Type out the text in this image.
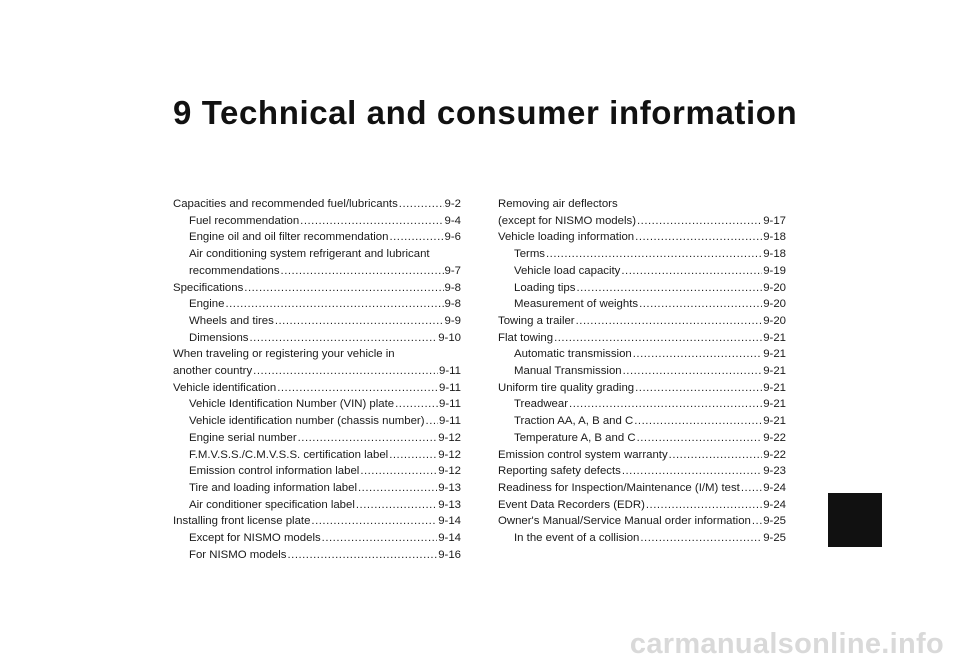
9 Technical and consumer information
Capacities and recommended fuel/lubricants .....	9-2
Fuel recommendation .....	9-4
Engine oil and oil filter recommendation .....	9-6
Air conditioning system refrigerant and lubricant
recommendations .....	9-7
Specifications .....	9-8
Engine .....	9-8
Wheels and tires .....	9-9
Dimensions .....	9-10
When traveling or registering your vehicle in
another country .....	9-11
Vehicle identification .....	9-11
Vehicle Identification Number (VIN) plate .....	9-11
Vehicle identification number (chassis number) ..... 9-11
Engine serial number .....	9-12
F.M.V.S.S./C.M.V.S.S. certification label .....	9-12
Emission control information label .....	9-12
Tire and loading information label .....	9-13
Air conditioner specification label .....	9-13
Installing front license plate .....	9-14
Except for NISMO models .....	9-14
For NISMO models .....	9-16
Removing air deflectors
(except for NISMO models) .....	9-17
Vehicle loading information .....	9-18
Terms .....	9-18
Vehicle load capacity .....	9-19
Loading tips .....	9-20
Measurement of weights .....	9-20
Towing a trailer .....	9-20
Flat towing .....	9-21
Automatic transmission .....	9-21
Manual Transmission .....	9-21
Uniform tire quality grading .....	9-21
Treadwear .....	9-21
Traction AA, A, B and C .....	9-21
Temperature A, B and C .....	9-22
Emission control system warranty .....	9-22
Reporting safety defects .....	9-23
Readiness for Inspection/Maintenance (I/M) test ..... 9-24
Event Data Recorders (EDR) .....	9-24
Owner's Manual/Service Manual order information ..... 9-25
In the event of a collision .....	9-25

carmanualsonline.info
